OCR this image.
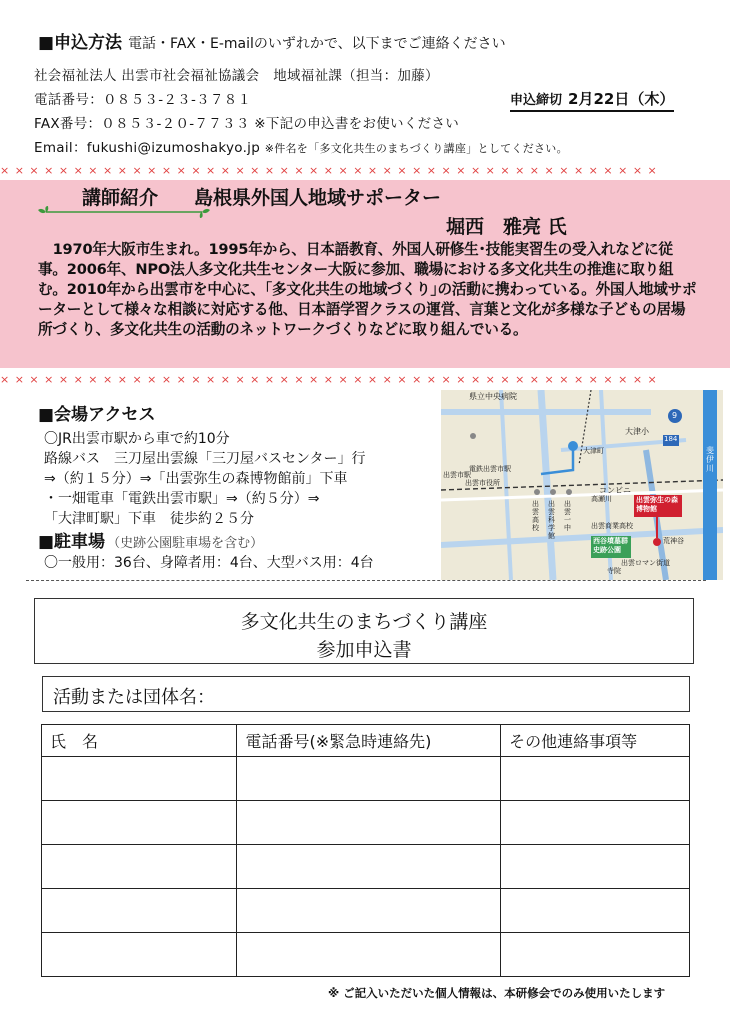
■申込方法 電話・FAX・E-mailのいずれかで、以下までご連絡ください
社会福祉法人 出雲市社会福祉協議会　地域福祉課（担当：加藤）
電話番号：０８５３-２３-３７８１	申込締切 2月22日（木）
FAX番号：０８５３-２０-７７３３ ※下記の申込書をお使いください
Email：fukushi@izumoshakyo.jp ※件名を「多文化共生のまちづくり講座」としてください。
×××××××××××××××××××××××××××××××××××××××××××××
講師紹介 島根県外国人地域サポーター
堀西　雅亮 氏
1970年大阪市生まれ。1995年から、日本語教育、外国人研修生･技能実習生の受入れなどに従事。2006年、NPO法人多文化共生センター大阪に参加、職場における多文化共生の推進に取り組む。2010年から出雲市を中心に、｢多文化共生の地域づくり｣の活動に携わっている。外国人地域サポーターとして様々な相談に対応する他、日本語学習クラスの運営、言葉と文化が多様な子どもの居場所づくり、多文化共生の活動のネットワークづくりなどに取り組んでいる。
×××××××××××××××××××××××××××××××××××××××××××××
■会場アクセス
〇JR出雲市駅から車で約10分
路線バス　三刀屋出雲線「三刀屋バスセンター」行
⇒（約１５分）⇒「出雲弥生の森博物館前」下車
・一畑電車「電鉄出雲市駅」⇒（約５分）⇒
「大津町駅」下車　徒歩約２５分
■駐車場 （史跡公園駐車場を含む）
〇一般用：36台、身障者用：4台、大型バス用：4台
県立中央病院
9
大津小
184
斐伊川
大津町
電鉄出雲市駅
出雲市駅
出雲市役所
出雲高校
出雲科学館
出雲一中
高瀬川
コンビニ
出雲商業高校
出雲弥生の森博物館
西谷墳墓群史跡公園
荒神谷
出雲ロマン街道
寺院
多文化共生のまちづくり講座
参加申込書
活動または団体名：
氏　名	電話番号(※緊急時連絡先)	その他連絡事項等

※ ご記入いただいた個人情報は、本研修会でのみ使用いたします
